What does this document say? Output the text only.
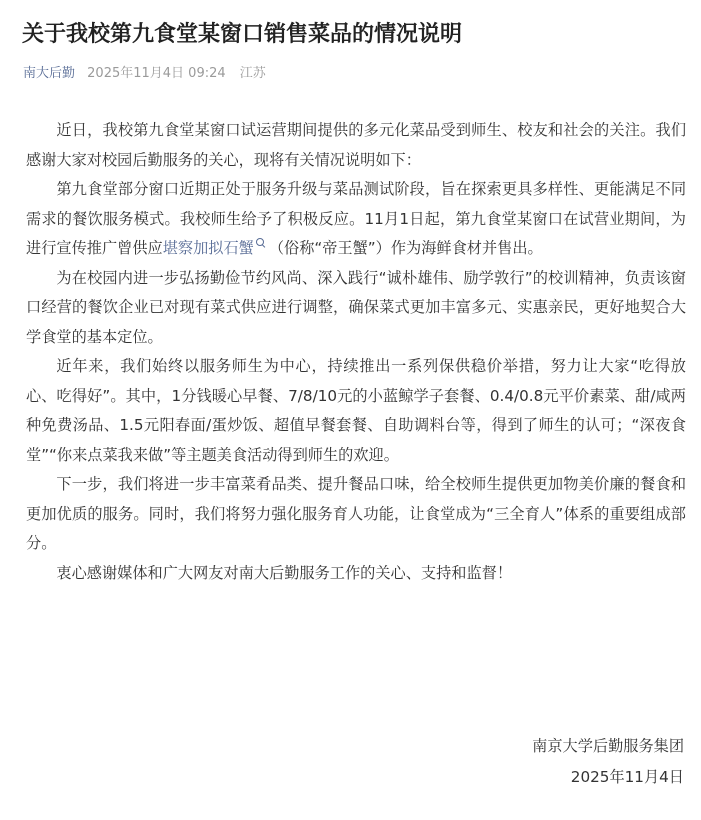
关于我校第九食堂某窗口销售菜品的情况说明
南大后勤 2025年11月4日 09:24 江苏

近日，我校第九食堂某窗口试运营期间提供的多元化菜品受到师生、校友和社会的关注。我们感谢大家对校园后勤服务的关心，现将有关情况说明如下：

第九食堂部分窗口近期正处于服务升级与菜品测试阶段，旨在探索更具多样性、更能满足不同需求的餐饮服务模式。我校师生给予了积极反应。11月1日起，第九食堂某窗口在试营业期间，为进行宣传推广曾供应堪察加拟石蟹 （俗称“帝王蟹”）作为海鲜食材并售出。

为在校园内进一步弘扬勤俭节约风尚、深入践行“诚朴雄伟、励学敦行”的校训精神，负责该窗口经营的餐饮企业已对现有菜式供应进行调整，确保菜式更加丰富多元、实惠亲民，更好地契合大学食堂的基本定位。

近年来，我们始终以服务师生为中心，持续推出一系列保供稳价举措，努力让大家“吃得放心、吃得好”。其中，1分钱暖心早餐、7/8/10元的小蓝鲸学子套餐、0.4/0.8元平价素菜、甜/咸两种免费汤品、1.5元阳春面/蛋炒饭、超值早餐套餐、自助调料台等，得到了师生的认可；“深夜食堂”“你来点菜我来做”等主题美食活动得到师生的欢迎。

下一步，我们将进一步丰富菜肴品类、提升餐品口味，给全校师生提供更加物美价廉的餐食和更加优质的服务。同时，我们将努力强化服务育人功能，让食堂成为“三全育人”体系的重要组成部分。

衷心感谢媒体和广大网友对南大后勤服务工作的关心、支持和监督！

南京大学后勤服务集团
2025年11月4日
